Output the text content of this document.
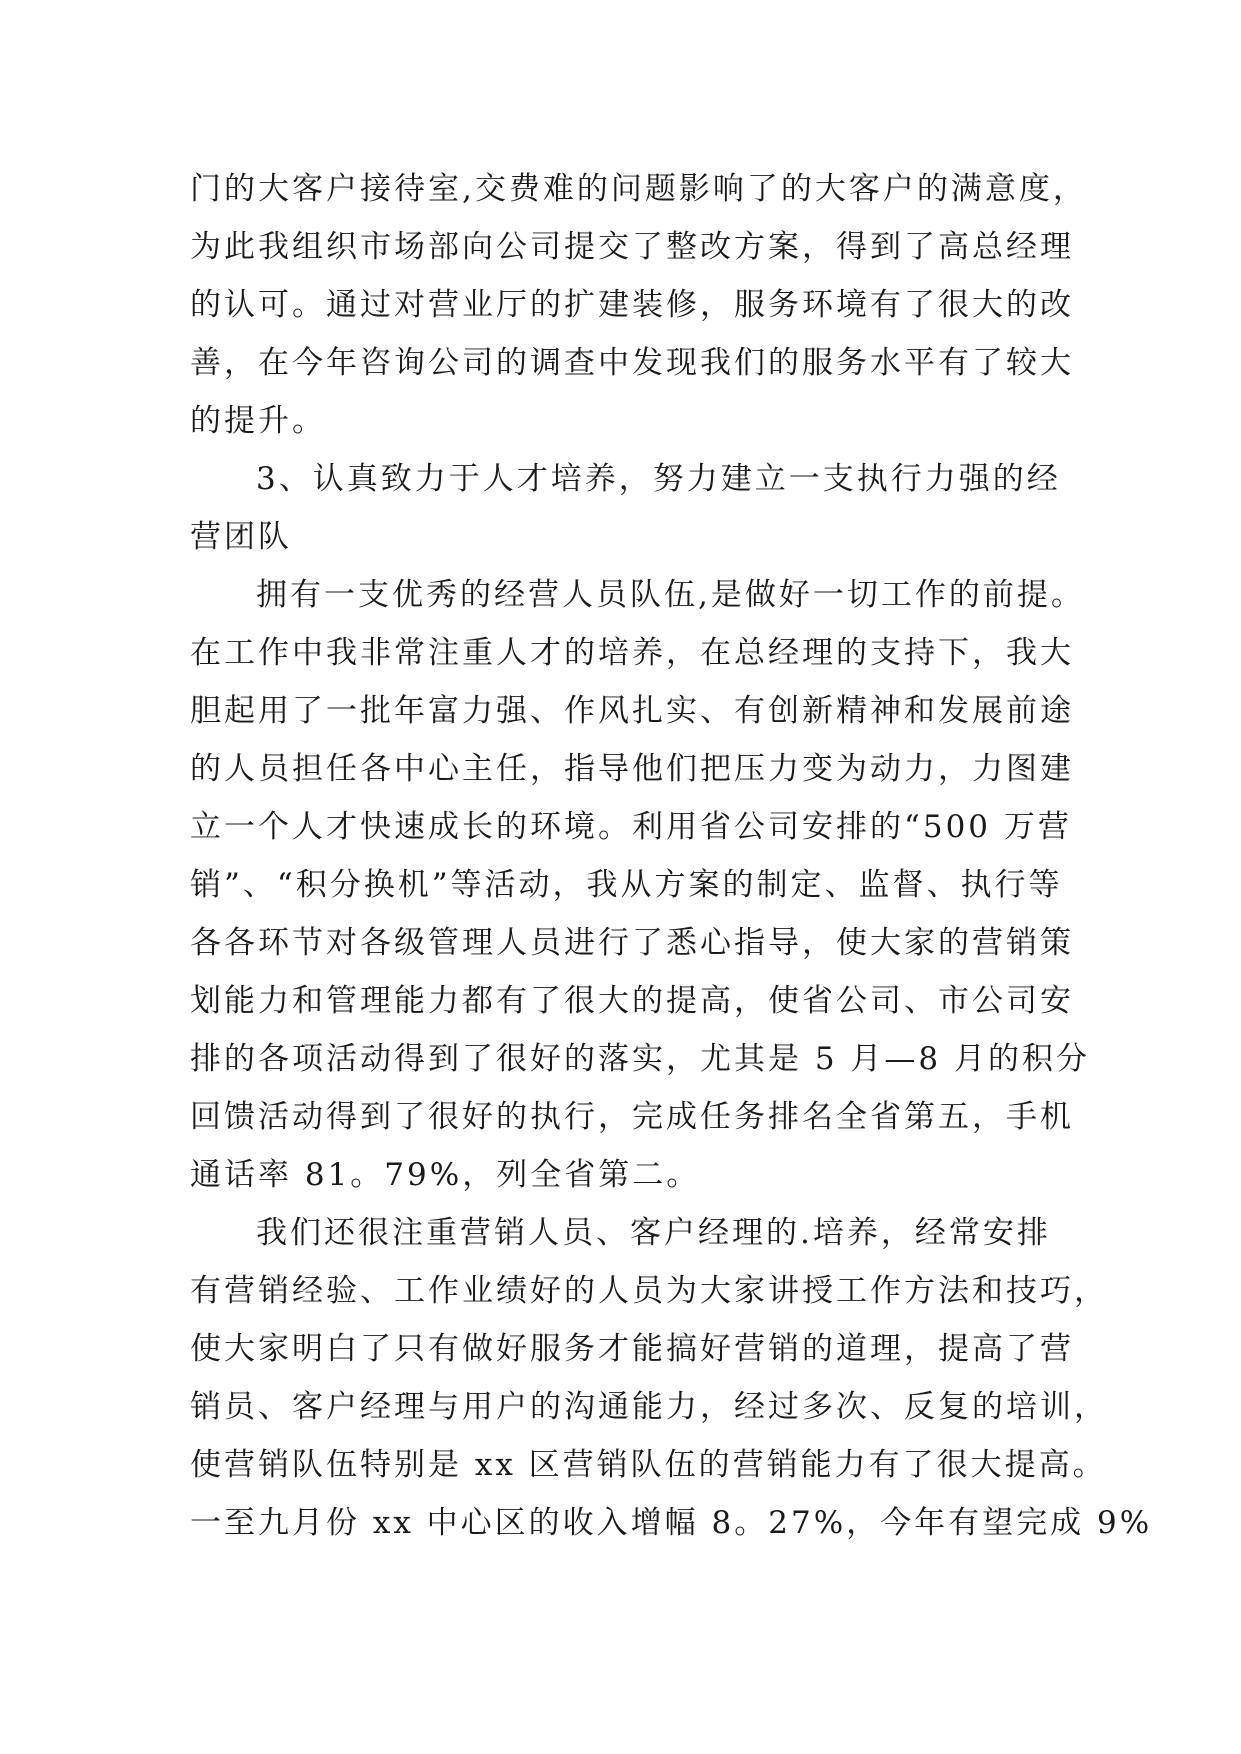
门的大客户接待室,交费难的问题影响了的大客户的满意度，
为此我组织市场部向公司提交了整改方案，得到了高总经理
的认可。通过对营业厅的扩建装修，服务环境有了很大的改
善，在今年咨询公司的调查中发现我们的服务水平有了较大
的提升。
3、认真致力于人才培养，努力建立一支执行力强的经
营团队
拥有一支优秀的经营人员队伍,是做好一切工作的前提。
在工作中我非常注重人才的培养，在总经理的支持下，我大
胆起用了一批年富力强、作风扎实、有创新精神和发展前途
的人员担任各中心主任，指导他们把压力变为动力，力图建
立一个人才快速成长的环境。利用省公司安排的“500 万营
销”、“积分换机”等活动，我从方案的制定、监督、执行等
各各环节对各级管理人员进行了悉心指导，使大家的营销策
划能力和管理能力都有了很大的提高，使省公司、市公司安
排的各项活动得到了很好的落实，尤其是 5 月—8 月的积分
回馈活动得到了很好的执行，完成任务排名全省第五，手机
通话率 81。79%，列全省第二。
我们还很注重营销人员、客户经理的.培养，经常安排
有营销经验、工作业绩好的人员为大家讲授工作方法和技巧，
使大家明白了只有做好服务才能搞好营销的道理，提高了营
销员、客户经理与用户的沟通能力，经过多次、反复的培训，
使营销队伍特别是 xx 区营销队伍的营销能力有了很大提高。
一至九月份 xx 中心区的收入增幅 8。27%，今年有望完成 9%
